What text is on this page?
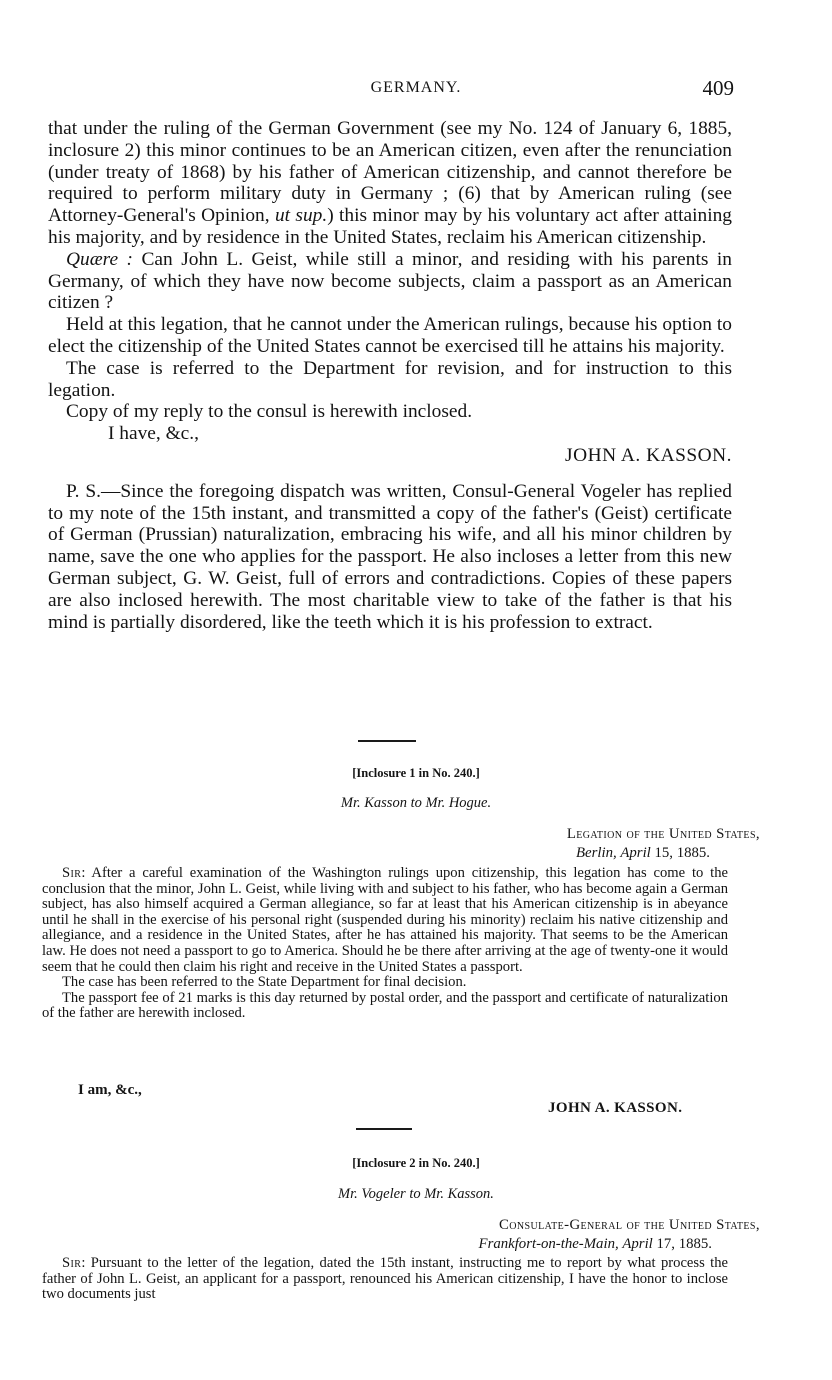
GERMANY.	409

that under the ruling of the German Government (see my No. 124 of January 6, 1885, inclosure 2) this minor continues to be an American citizen, even after the renunciation (under treaty of 1868) by his father of American citizenship, and cannot therefore be required to perform military duty in Germany ; (6) that by American ruling (see Attorney-General's Opinion, ut sup.) this minor may by his voluntary act after attaining his majority, and by residence in the United States, reclaim his American citizenship.

Quære : Can John L. Geist, while still a minor, and residing with his parents in Germany, of which they have now become subjects, claim a passport as an American citizen ?

Held at this legation, that he cannot under the American rulings, because his option to elect the citizenship of the United States cannot be exercised till he attains his majority.

The case is referred to the Department for revision, and for instruction to this legation.

Copy of my reply to the consul is herewith inclosed.

I have, &c.,

JOHN A. KASSON.

P. S.—Since the foregoing dispatch was written, Consul-General Vogeler has replied to my note of the 15th instant, and transmitted a copy of the father's (Geist) certificate of German (Prussian) naturalization, embracing his wife, and all his minor children by name, save the one who applies for the passport. He also incloses a letter from this new German subject, G. W. Geist, full of errors and contradictions. Copies of these papers are also inclosed herewith. The most charitable view to take of the father is that his mind is partially disordered, like the teeth which it is his profession to extract.

[Inclosure 1 in No. 240.]
Mr. Kasson to Mr. Hogue.
Legation of the United States,
Berlin, April 15, 1885.

Sir: After a careful examination of the Washington rulings upon citizenship, this legation has come to the conclusion that the minor, John L. Geist, while living with and subject to his father, who has become again a German subject, has also himself acquired a German allegiance, so far at least that his American citizenship is in abeyance until he shall in the exercise of his personal right (suspended during his minority) reclaim his native citizenship and allegiance, and a residence in the United States, after he has attained his majority. That seems to be the American law. He does not need a passport to go to America. Should he be there after arriving at the age of twenty-one it would seem that he could then claim his right and receive in the United States a passport.

The case has been referred to the State Department for final decision.

The passport fee of 21 marks is this day returned by postal order, and the passport and certificate of naturalization of the father are herewith inclosed.

I am, &c.,
JOHN A. KASSON.
[Inclosure 2 in No. 240.]
Mr. Vogeler to Mr. Kasson.
Consulate-General of the United States,
Frankfort-on-the-Main, April 17, 1885.

Sir: Pursuant to the letter of the legation, dated the 15th instant, instructing me to report by what process the father of John L. Geist, an applicant for a passport, renounced his American citizenship, I have the honor to inclose two documents just
